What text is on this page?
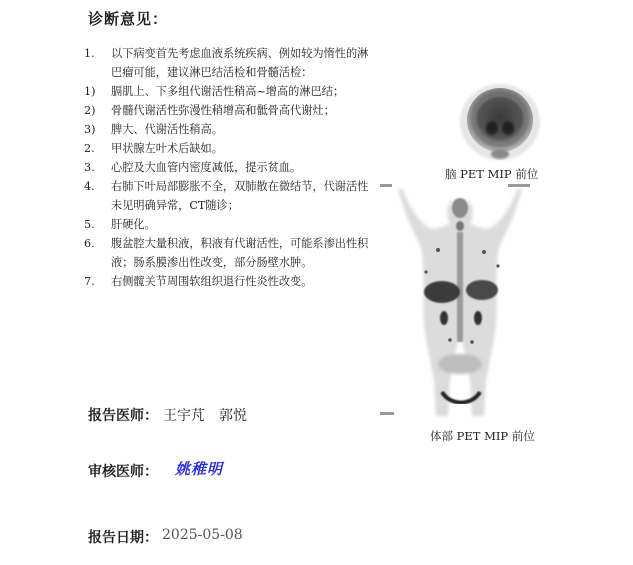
诊断意见：
1. 以下病变首先考虑血液系统疾病、例如较为惰性的淋巴瘤可能，建议淋巴结活检和骨髓活检：
1) 膈肌上、下多组代谢活性稍高~增高的淋巴结；
2) 骨髓代谢活性弥漫性稍增高和骶骨高代谢灶；
3) 脾大、代谢活性稍高。
2. 甲状腺左叶术后缺如。
3. 心腔及大血管内密度减低，提示贫血。
4. 右肺下叶局部膨胀不全，双肺散在微结节，代谢活性未见明确异常，CT随诊；
5. 肝硬化。
6. 腹盆腔大量积液，积液有代谢活性，可能系渗出性积液；肠系膜渗出性改变，部分肠壁水肿。
7. 右侧髋关节周围软组织退行性炎性改变。
脑 PET MIP 前位
体部 PET MIP 前位
报告医师： 王宇芃　郭悦
审核医师： 姚稚明
报告日期： 2025-05-08
